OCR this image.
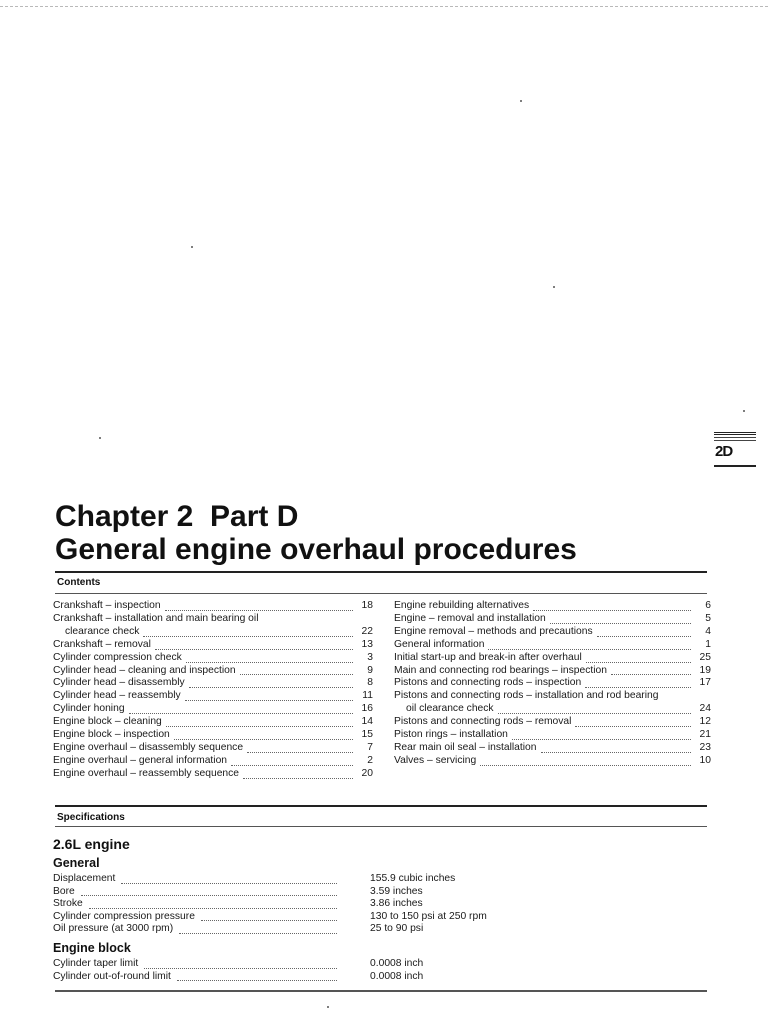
2D
Chapter 2  Part D
General engine overhaul procedures
Contents
Crankshaft – inspection	18
Crankshaft – installation and main bearing oil
clearance check	22
Crankshaft – removal	13
Cylinder compression check	3
Cylinder head – cleaning and inspection	9
Cylinder head – disassembly	8
Cylinder head – reassembly	11
Cylinder honing	16
Engine block – cleaning	14
Engine block – inspection	15
Engine overhaul – disassembly sequence	7
Engine overhaul – general information	2
Engine overhaul – reassembly sequence	20
Engine rebuilding alternatives	6
Engine – removal and installation	5
Engine removal – methods and precautions	4
General information	1
Initial start-up and break-in after overhaul	25
Main and connecting rod bearings – inspection	19
Pistons and connecting rods – inspection	17
Pistons and connecting rods – installation and rod bearing
oil clearance check	24
Pistons and connecting rods – removal	12
Piston rings – installation	21
Rear main oil seal – installation	23
Valves – servicing	10
Specifications
2.6L engine
General
Displacement	155.9 cubic inches
Bore	3.59 inches
Stroke	3.86 inches
Cylinder compression pressure	130 to 150 psi at 250 rpm
Oil pressure (at 3000 rpm)	25 to 90 psi
Engine block
Cylinder taper limit	0.0008 inch
Cylinder out-of-round limit	0.0008 inch
